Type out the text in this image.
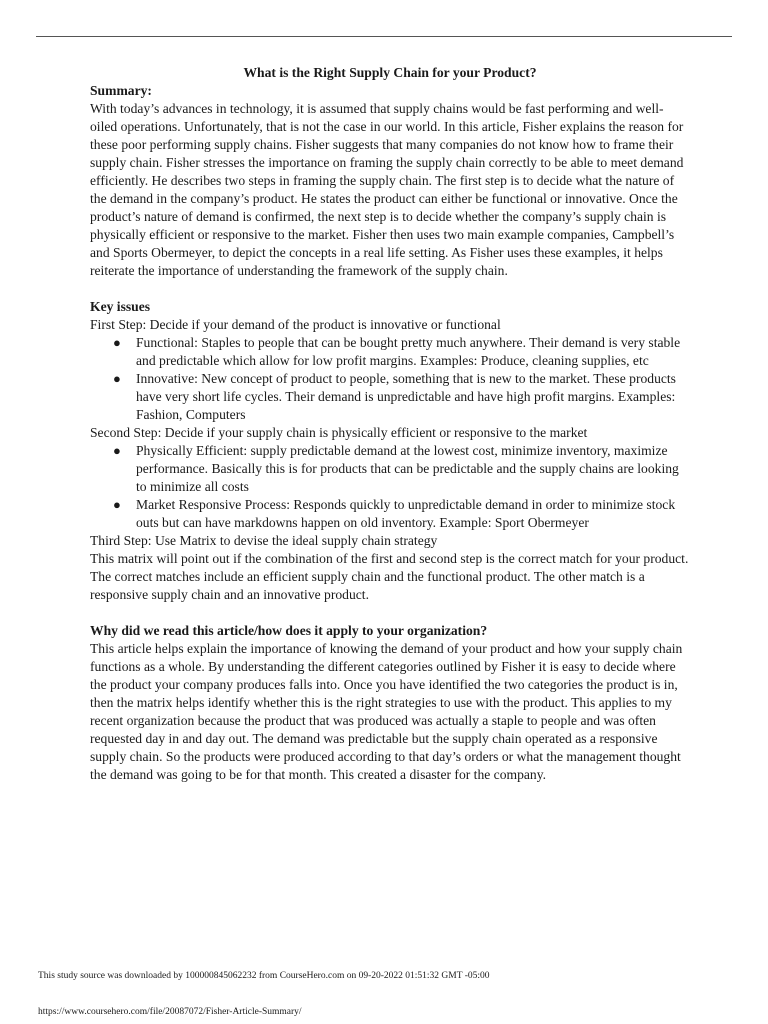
What is the Right Supply Chain for your Product?

Summary:

With today’s advances in technology, it is assumed that supply chains would be fast performing and well-oiled operations. Unfortunately, that is not the case in our world. In this article, Fisher explains the reason for these poor performing supply chains. Fisher suggests that many companies do not know how to frame their supply chain. Fisher stresses the importance on framing the supply chain correctly to be able to meet demand efficiently. He describes two steps in framing the supply chain. The first step is to decide what the nature of the demand in the company’s product. He states the product can either be functional or innovative. Once the product’s nature of demand is confirmed, the next step is to decide whether the company’s supply chain is physically efficient or responsive to the market. Fisher then uses two main example companies, Campbell’s and Sports Obermeyer, to depict the concepts in a real life setting. As Fisher uses these examples, it helps reiterate the importance of understanding the framework of the supply chain.

Key issues

First Step: Decide if your demand of the product is innovative or functional

● Functional: Staples to people that can be bought pretty much anywhere. Their demand is very stable and predictable which allow for low profit margins. Examples: Produce, cleaning supplies, etc
● Innovative: New concept of product to people, something that is new to the market. These products have very short life cycles. Their demand is unpredictable and have high profit margins. Examples: Fashion, Computers

Second Step: Decide if your supply chain is physically efficient or responsive to the market

● Physically Efficient: supply predictable demand at the lowest cost, minimize inventory, maximize performance. Basically this is for products that can be predictable and the supply chains are looking to minimize all costs
● Market Responsive Process: Responds quickly to unpredictable demand in order to minimize stock outs but can have markdowns happen on old inventory. Example: Sport Obermeyer

Third Step: Use Matrix to devise the ideal supply chain strategy

This matrix will point out if the combination of the first and second step is the correct match for your product. The correct matches include an efficient supply chain and the functional product. The other match is a responsive supply chain and an innovative product.

Why did we read this article/how does it apply to your organization?

This article helps explain the importance of knowing the demand of your product and how your supply chain functions as a whole. By understanding the different categories outlined by Fisher it is easy to decide where the product your company produces falls into. Once you have identified the two categories the product is in, then the matrix helps identify whether this is the right strategies to use with the product. This applies to my recent organization because the product that was produced was actually a staple to people and was often requested day in and day out. The demand was predictable but the supply chain operated as a responsive supply chain. So the products were produced according to that day’s orders or what the management thought the demand was going to be for that month. This created a disaster for the company.

This study source was downloaded by 100000845062232 from CourseHero.com on 09-20-2022 01:51:32 GMT -05:00
https://www.coursehero.com/file/20087072/Fisher-Article-Summary/
